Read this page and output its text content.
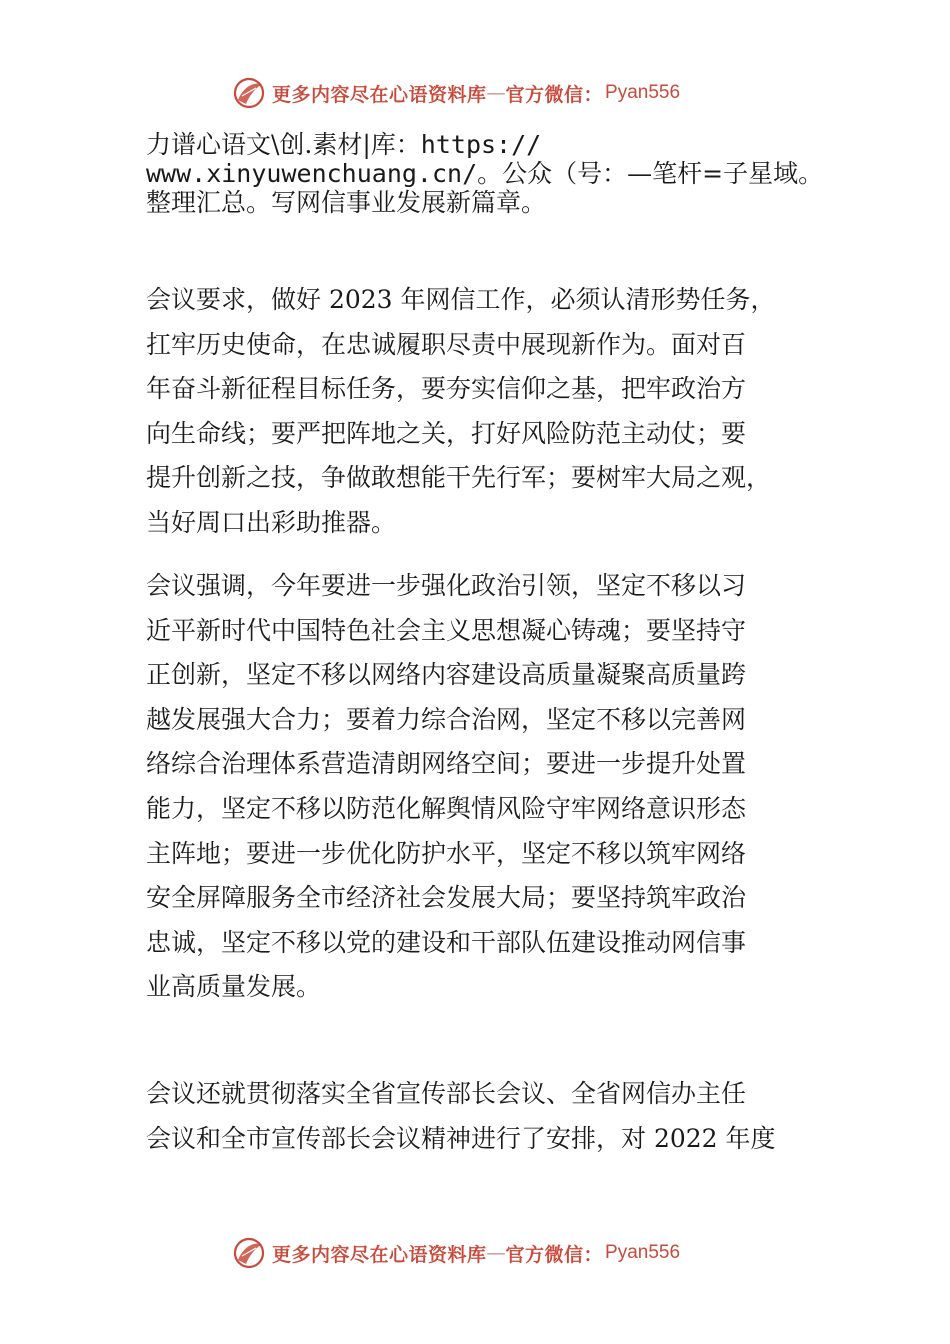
更多内容尽在心语资料库 — 官方微信： Pyan556
力谱心语文\创.素材|库：https://
www.xinyuwenchuang.cn/。公众（号：—笔杆=子星域。
整理汇总。写网信事业发展新篇章。
会议要求，做好 2023 年网信工作，必须认清形势任务，
扛牢历史使命，在忠诚履职尽责中展现新作为。面对百
年奋斗新征程目标任务，要夯实信仰之基，把牢政治方
向生命线；要严把阵地之关，打好风险防范主动仗；要
提升创新之技，争做敢想能干先行军；要树牢大局之观，
当好周口出彩助推器。
会议强调，今年要进一步强化政治引领，坚定不移以习
近平新时代中国特色社会主义思想凝心铸魂；要坚持守
正创新，坚定不移以网络内容建设高质量凝聚高质量跨
越发展强大合力；要着力综合治网，坚定不移以完善网
络综合治理体系营造清朗网络空间；要进一步提升处置
能力，坚定不移以防范化解舆情风险守牢网络意识形态
主阵地；要进一步优化防护水平，坚定不移以筑牢网络
安全屏障服务全市经济社会发展大局；要坚持筑牢政治
忠诚，坚定不移以党的建设和干部队伍建设推动网信事
业高质量发展。
会议还就贯彻落实全省宣传部长会议、全省网信办主任
会议和全市宣传部长会议精神进行了安排，对 2022 年度
更多内容尽在心语资料库 — 官方微信： Pyan556
